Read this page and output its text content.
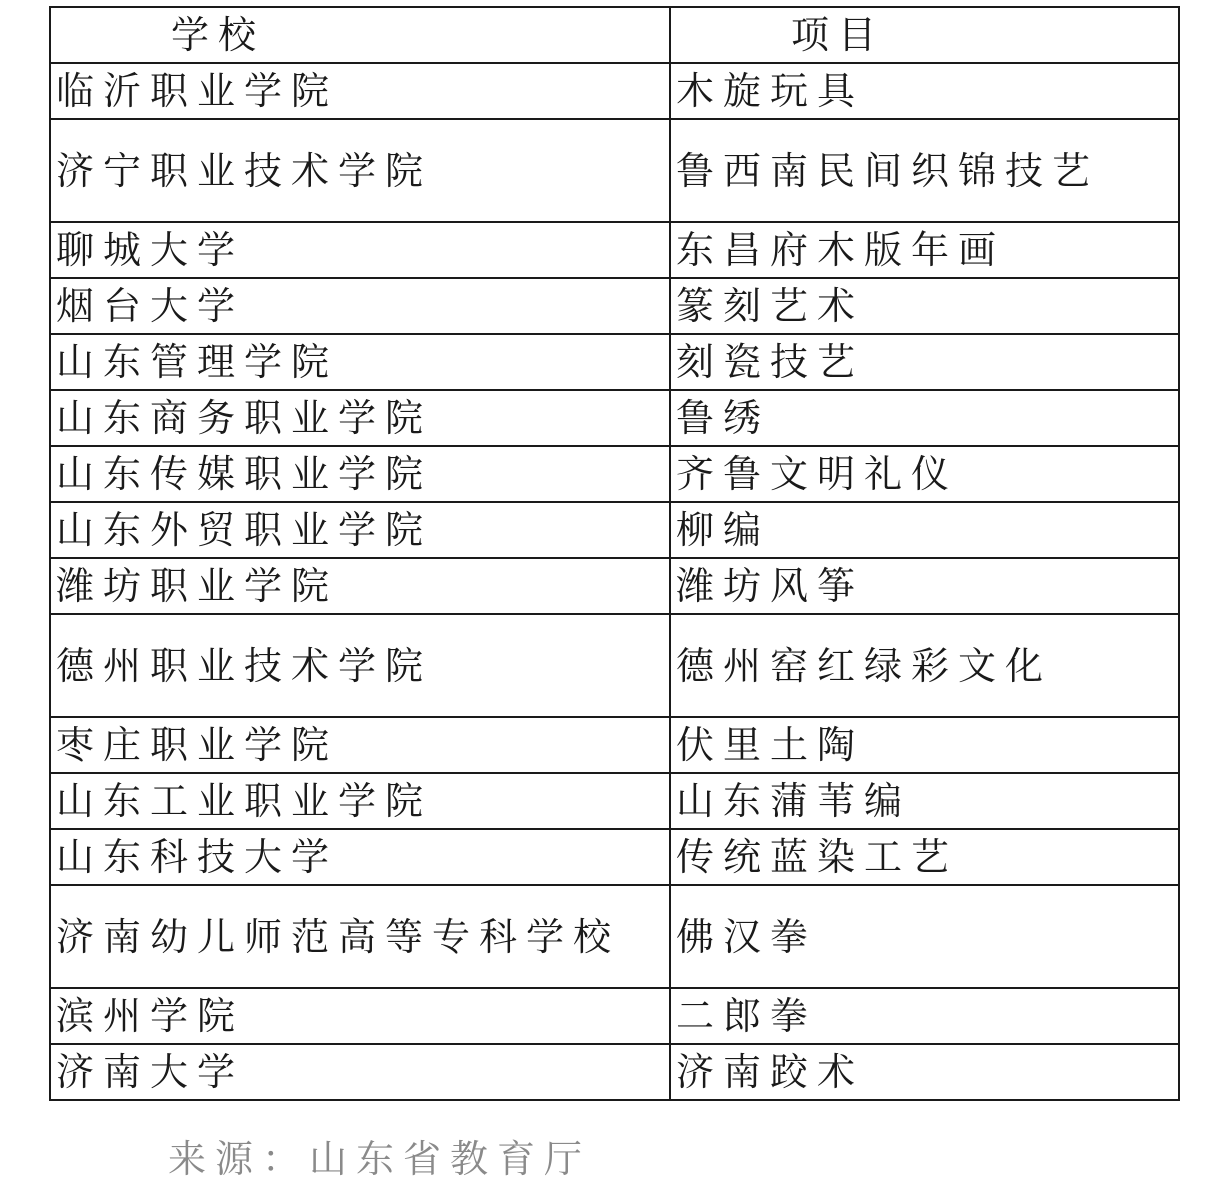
学校	项目
临沂职业学院	木旋玩具
济宁职业技术学院	鲁西南民间织锦技艺
聊城大学	东昌府木版年画
烟台大学	篆刻艺术
山东管理学院	刻瓷技艺
山东商务职业学院	鲁绣
山东传媒职业学院	齐鲁文明礼仪
山东外贸职业学院	柳编
潍坊职业学院	潍坊风筝
德州职业技术学院	德州窑红绿彩文化
枣庄职业学院	伏里土陶
山东工业职业学院	山东蒲苇编
山东科技大学	传统蓝染工艺
济南幼儿师范高等专科学校	佛汉拳
滨州学院	二郎拳
济南大学	济南跤术
来源：山东省教育厅
